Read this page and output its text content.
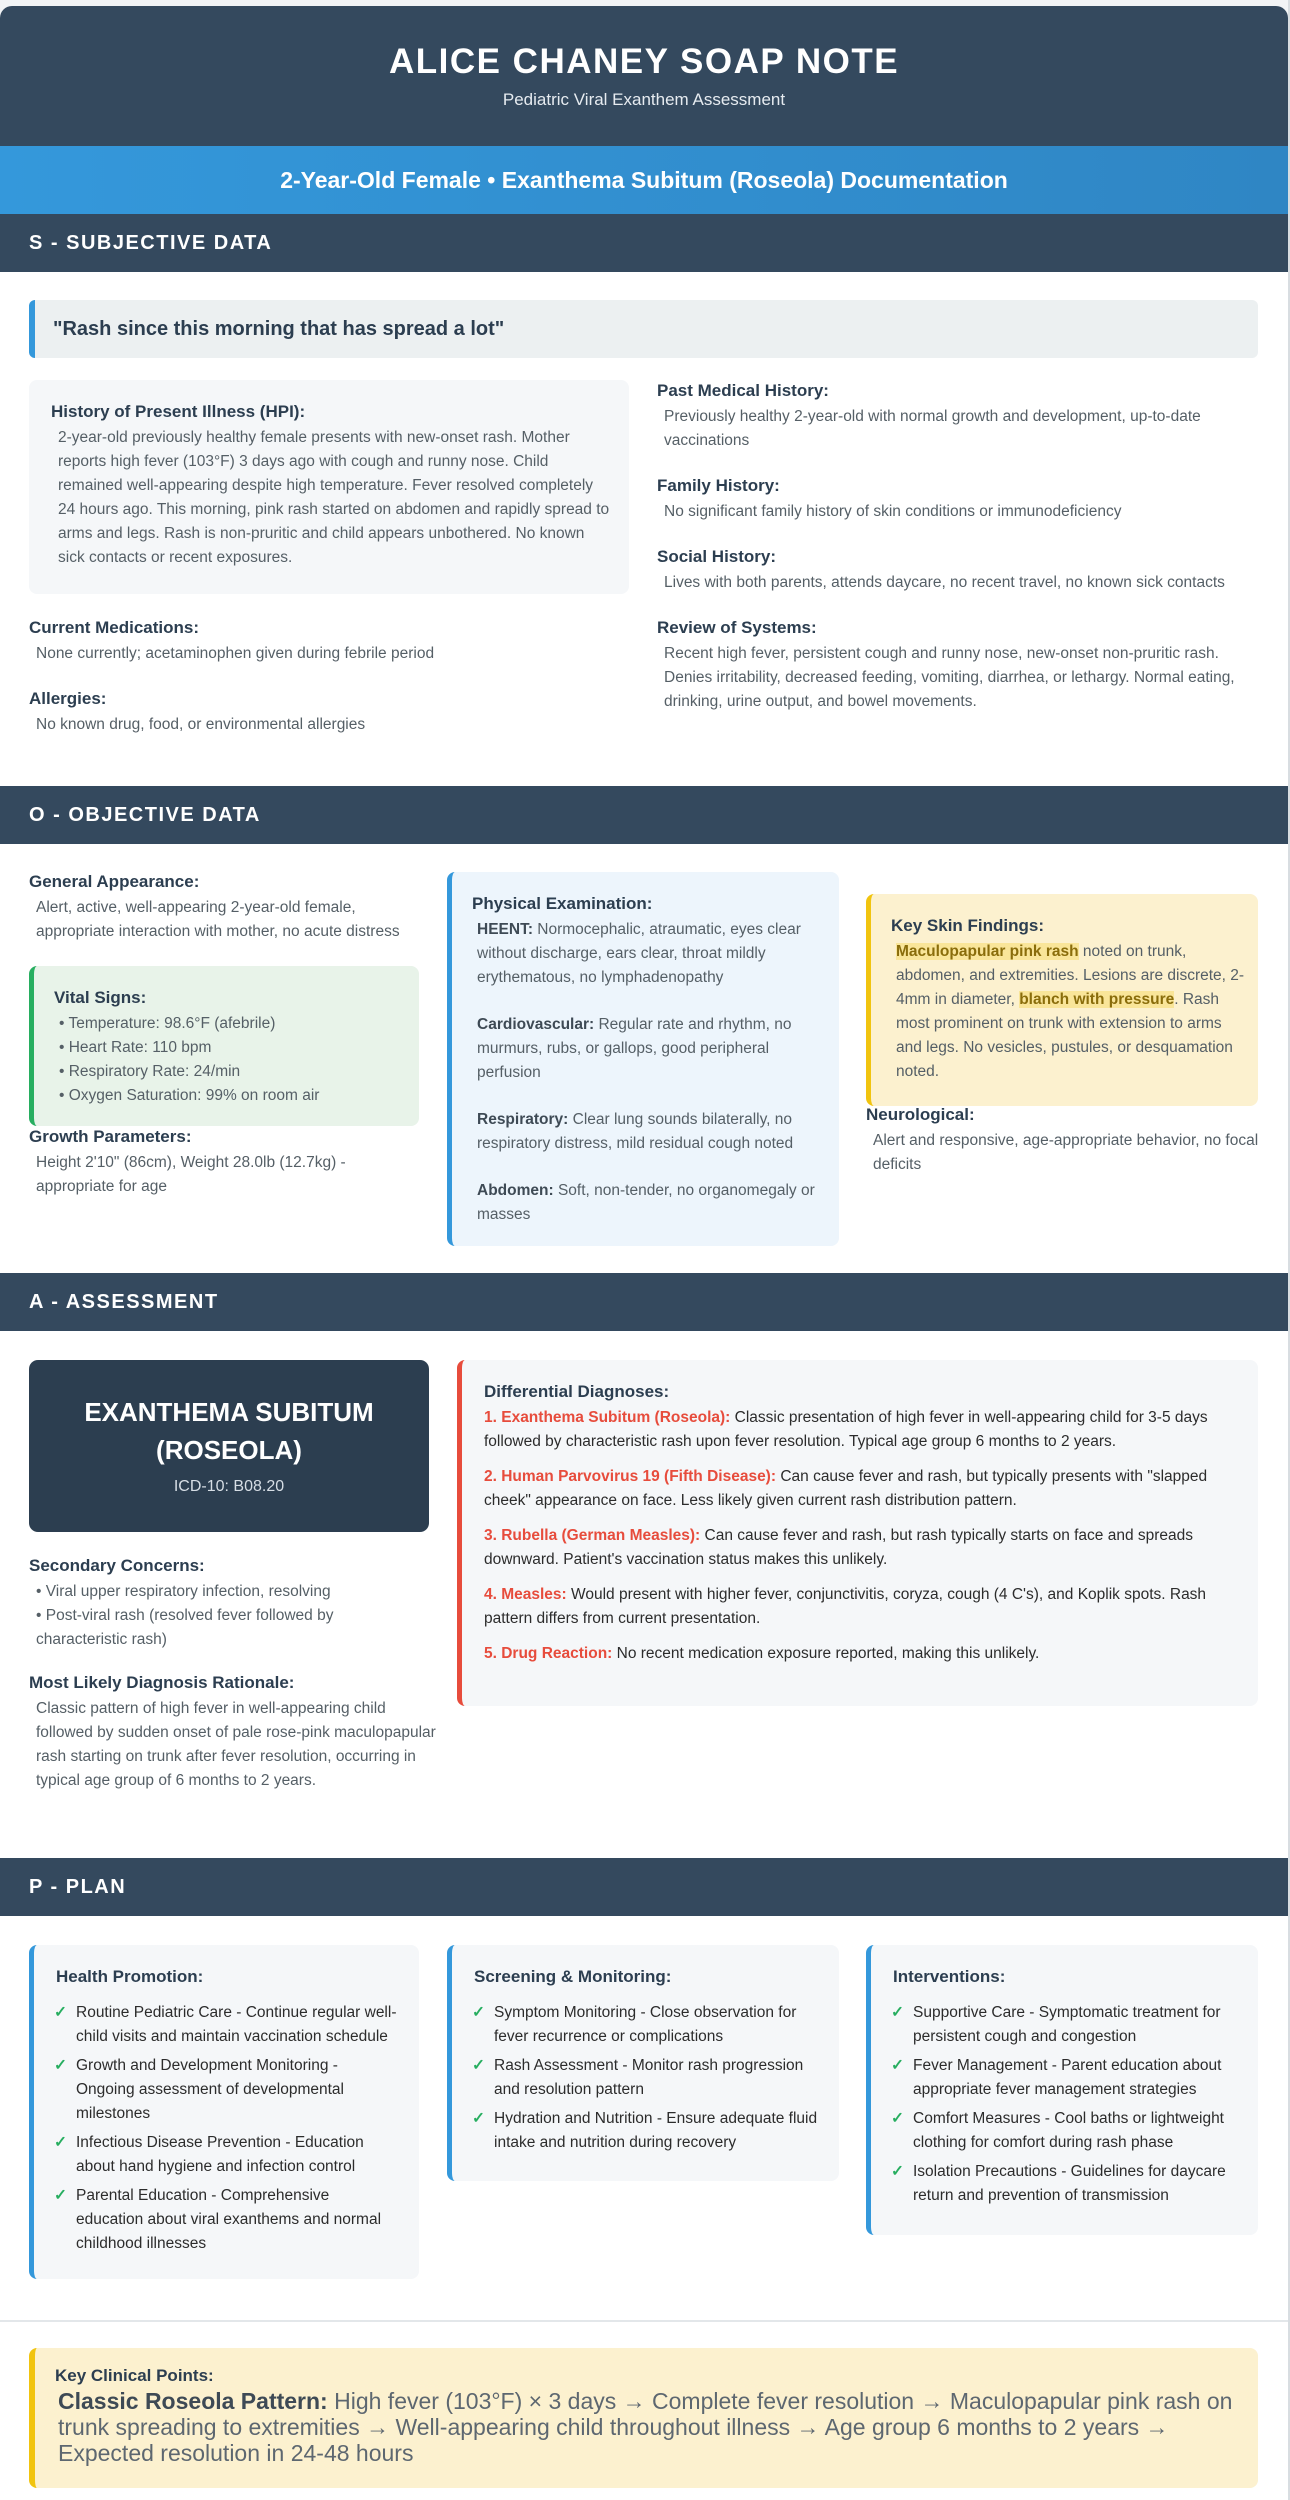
ALICE CHANEY SOAP NOTE
Pediatric Viral Exanthem Assessment
2-Year-Old Female • Exanthema Subitum (Roseola) Documentation
S - SUBJECTIVE DATA
"Rash since this morning that has spread a lot"
History of Present Illness (HPI):
2-year-old previously healthy female presents with new-onset rash. Mother reports high fever (103°F) 3 days ago with cough and runny nose. Child remained well-appearing despite high temperature. Fever resolved completely 24 hours ago. This morning, pink rash started on abdomen and rapidly spread to arms and legs. Rash is non-pruritic and child appears unbothered. No known sick contacts or recent exposures.
Current Medications:
None currently; acetaminophen given during febrile period
Allergies:
No known drug, food, or environmental allergies
Past Medical History:
Previously healthy 2-year-old with normal growth and development, up-to-date vaccinations
Family History:
No significant family history of skin conditions or immunodeficiency
Social History:
Lives with both parents, attends daycare, no recent travel, no known sick contacts
Review of Systems:
Recent high fever, persistent cough and runny nose, new-onset non-pruritic rash. Denies irritability, decreased feeding, vomiting, diarrhea, or lethargy. Normal eating, drinking, urine output, and bowel movements.
O - OBJECTIVE DATA
General Appearance:
Alert, active, well-appearing 2-year-old female, appropriate interaction with mother, no acute distress
Vital Signs:
• Temperature: 98.6°F (afebrile)
• Heart Rate: 110 bpm
• Respiratory Rate: 24/min
• Oxygen Saturation: 99% on room air
Growth Parameters:
Height 2'10" (86cm), Weight 28.0lb (12.7kg) - appropriate for age
Physical Examination:
HEENT: Normocephalic, atraumatic, eyes clear without discharge, ears clear, throat mildly erythematous, no lymphadenopathy
Cardiovascular: Regular rate and rhythm, no murmurs, rubs, or gallops, good peripheral perfusion
Respiratory: Clear lung sounds bilaterally, no respiratory distress, mild residual cough noted
Abdomen: Soft, non-tender, no organomegaly or masses
Key Skin Findings:
Maculopapular pink rash noted on trunk, abdomen, and extremities. Lesions are discrete, 2-4mm in diameter, blanch with pressure. Rash most prominent on trunk with extension to arms and legs. No vesicles, pustules, or desquamation noted.
Neurological:
Alert and responsive, age-appropriate behavior, no focal deficits
A - ASSESSMENT
EXANTHEMA SUBITUM
(ROSEOLA)
ICD-10: B08.20
Secondary Concerns:
• Viral upper respiratory infection, resolving
• Post-viral rash (resolved fever followed by characteristic rash)
Most Likely Diagnosis Rationale:
Classic pattern of high fever in well-appearing child followed by sudden onset of pale rose-pink maculopapular rash starting on trunk after fever resolution, occurring in typical age group of 6 months to 2 years.
Differential Diagnoses:
1. Exanthema Subitum (Roseola): Classic presentation of high fever in well-appearing child for 3-5 days followed by characteristic rash upon fever resolution. Typical age group 6 months to 2 years.
2. Human Parvovirus 19 (Fifth Disease): Can cause fever and rash, but typically presents with "slapped cheek" appearance on face. Less likely given current rash distribution pattern.
3. Rubella (German Measles): Can cause fever and rash, but rash typically starts on face and spreads downward. Patient's vaccination status makes this unlikely.
4. Measles: Would present with higher fever, conjunctivitis, coryza, cough (4 C's), and Koplik spots. Rash pattern differs from current presentation.
5. Drug Reaction: No recent medication exposure reported, making this unlikely.
P - PLAN
Health Promotion:
✓ Routine Pediatric Care - Continue regular well-child visits and maintain vaccination schedule
✓ Growth and Development Monitoring - Ongoing assessment of developmental milestones
✓ Infectious Disease Prevention - Education about hand hygiene and infection control
✓ Parental Education - Comprehensive education about viral exanthems and normal childhood illnesses
Screening & Monitoring:
✓ Symptom Monitoring - Close observation for fever recurrence or complications
✓ Rash Assessment - Monitor rash progression and resolution pattern
✓ Hydration and Nutrition - Ensure adequate fluid intake and nutrition during recovery
Interventions:
✓ Supportive Care - Symptomatic treatment for persistent cough and congestion
✓ Fever Management - Parent education about appropriate fever management strategies
✓ Comfort Measures - Cool baths or lightweight clothing for comfort during rash phase
✓ Isolation Precautions - Guidelines for daycare return and prevention of transmission
Key Clinical Points:
Classic Roseola Pattern: High fever (103°F) × 3 days → Complete fever resolution → Maculopapular pink rash on trunk spreading to extremities → Well-appearing child throughout illness → Age group 6 months to 2 years → Expected resolution in 24-48 hours
